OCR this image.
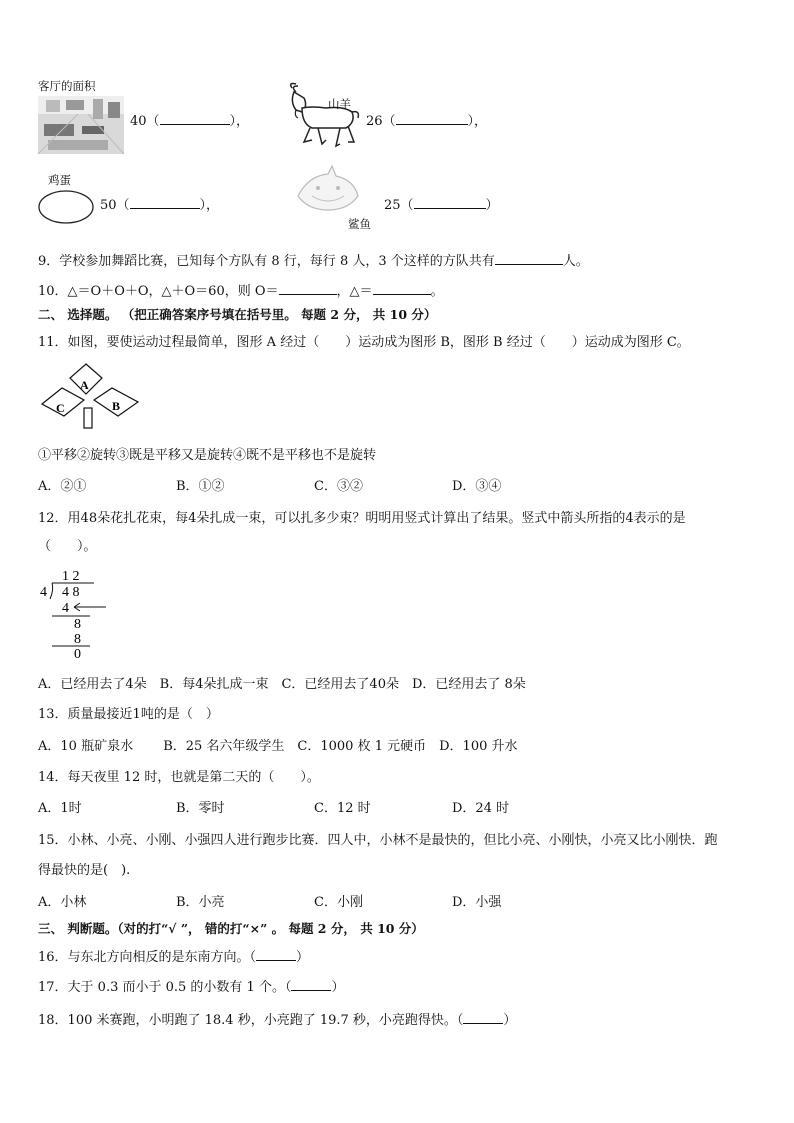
客厅的面积
40（	），
山羊
26（	），
鸡蛋
50（	），
鲨鱼
25（	）
9．学校参加舞蹈比赛，已知每个方队有 8 行，每行 8 人，3 个这样的方队共有	人。
10．△＝O＋O＋O，△＋O＝60，则 O＝	，△＝	。
二、 选择题。 （把正确答案序号填在括号里。 每题 2 分， 共 10 分）
11．如图，要使运动过程最简单，图形 A 经过（　　）运动成为图形 B，图形 B 经过（　　）运动成为图形 C。
A
B
C
①平移②旋转③既是平移又是旋转④既不是平移也不是旋转
A．②①	B．①②	C．③②	D．③④
12．用48朵花扎花束，每4朵扎成一束，可以扎多少束？明明用竖式计算出了结果。竖式中箭头所指的4表示的是
（　　）。
1 2
4 4 8
4
8
8
0
A．已经用去了4朵　B．每4朵扎成一束　C．已经用去了40朵　D．已经用去了 8朵
13．质量最接近1吨的是（　）
A．10 瓶矿泉水　　 B．25 名六年级学生　C．1000 枚 1 元硬币　D．100 升水
14．每天夜里 12 时，也就是第二天的（　　）。
A．1时	B．零时	C．12 时	D．24 时
15．小林、小亮、小刚、小强四人进行跑步比赛．四人中，小林不是最快的，但比小亮、小刚快，小亮又比小刚快．跑
得最快的是(　).
A．小林	B．小亮	C．小刚	D．小强
三、 判断题。（对的打“√ ”， 错的打“×” 。 每题 2 分， 共 10 分）
16．与东北方向相反的是东南方向。（	）
17．大于 0.3 而小于 0.5 的小数有 1 个。（	）
18．100 米赛跑，小明跑了 18.4 秒，小亮跑了 19.7 秒，小亮跑得快。（	）
